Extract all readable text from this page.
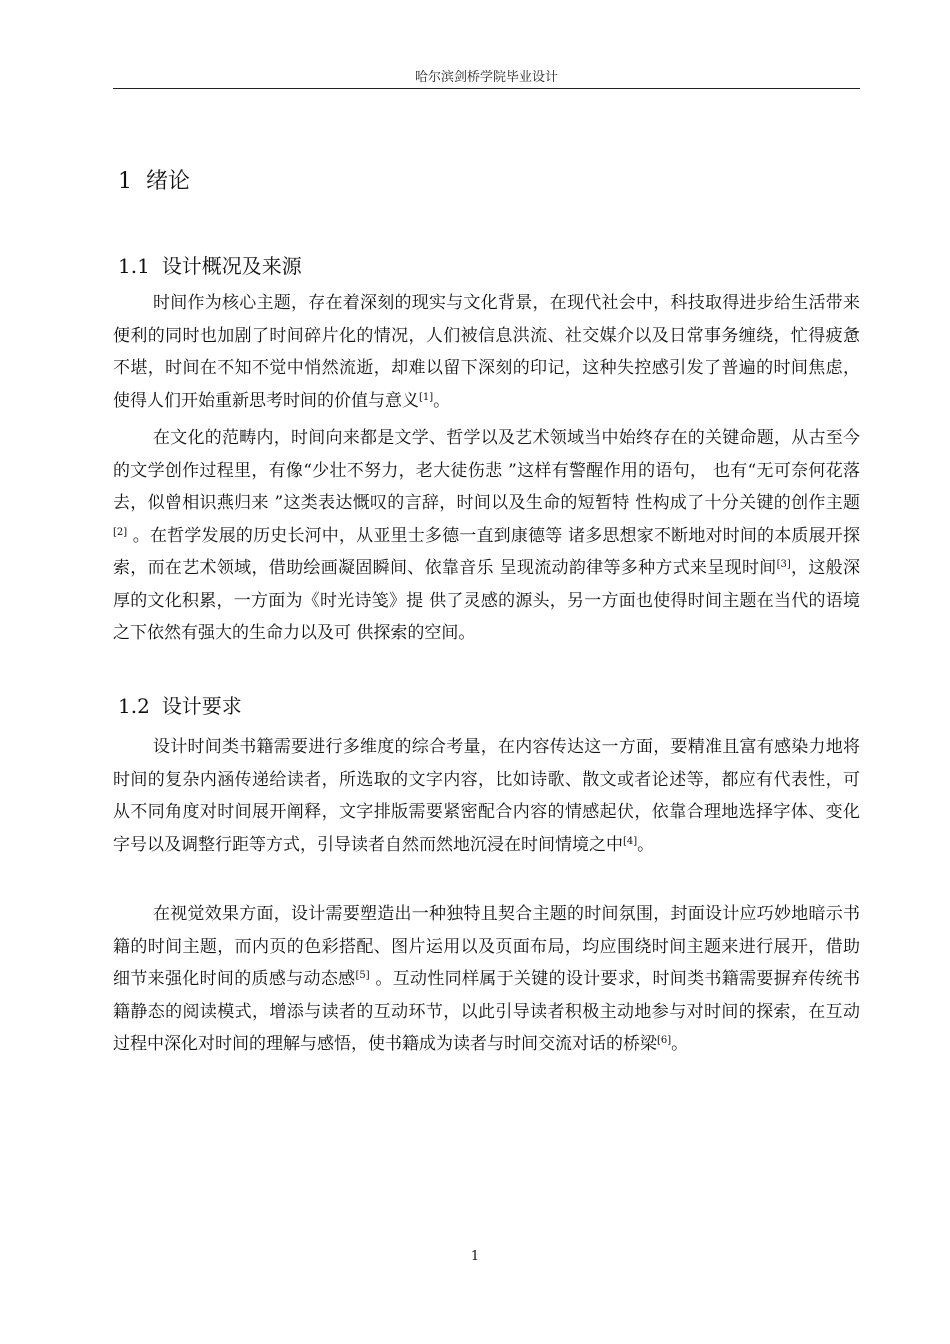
哈尔滨剑桥学院毕业设计
1 绪论
1.1 设计概况及来源

时间作为核心主题，存在着深刻的现实与文化背景，在现代社会中，科技取得进步给生活带来便利的同时也加剧了时间碎片化的情况，人们被信息洪流、社交媒介以及日常事务缠绕，忙得疲惫不堪，时间在不知不觉中悄然流逝，却难以留下深刻的印记，这种失控感引发了普遍的时间焦虑，使得人们开始重新思考时间的价值与意义[1]。

在文化的范畴内，时间向来都是文学、哲学以及艺术领域当中始终存在的关键命题，从古至今的文学创作过程里，有像“少壮不努力，老大徒伤悲 ”这样有警醒作用的语句， 也有“无可奈何花落去，似曾相识燕归来 ”这类表达慨叹的言辞，时间以及生命的短暂特 性构成了十分关键的创作主题[2] 。在哲学发展的历史长河中，从亚里士多德一直到康德等 诸多思想家不断地对时间的本质展开探索，而在艺术领域，借助绘画凝固瞬间、依靠音乐 呈现流动韵律等多种方式来呈现时间[3]，这般深厚的文化积累，一方面为《时光诗笺》提 供了灵感的源头，另一方面也使得时间主题在当代的语境之下依然有强大的生命力以及可 供探索的空间。

1.2 设计要求

设计时间类书籍需要进行多维度的综合考量，在内容传达这一方面，要精准且富有感染力地将时间的复杂内涵传递给读者，所选取的文字内容，比如诗歌、散文或者论述等，都应有代表性，可从不同角度对时间展开阐释，文字排版需要紧密配合内容的情感起伏，依靠合理地选择字体、变化字号以及调整行距等方式，引导读者自然而然地沉浸在时间情境之中[4]。

在视觉效果方面，设计需要塑造出一种独特且契合主题的时间氛围，封面设计应巧妙地暗示书籍的时间主题，而内页的色彩搭配、图片运用以及页面布局，均应围绕时间主题来进行展开，借助细节来强化时间的质感与动态感[5] 。互动性同样属于关键的设计要求，时间类书籍需要摒弃传统书籍静态的阅读模式，增添与读者的互动环节，以此引导读者积极主动地参与对时间的探索，在互动过程中深化对时间的理解与感悟，使书籍成为读者与时间交流对话的桥梁[6]。

1
